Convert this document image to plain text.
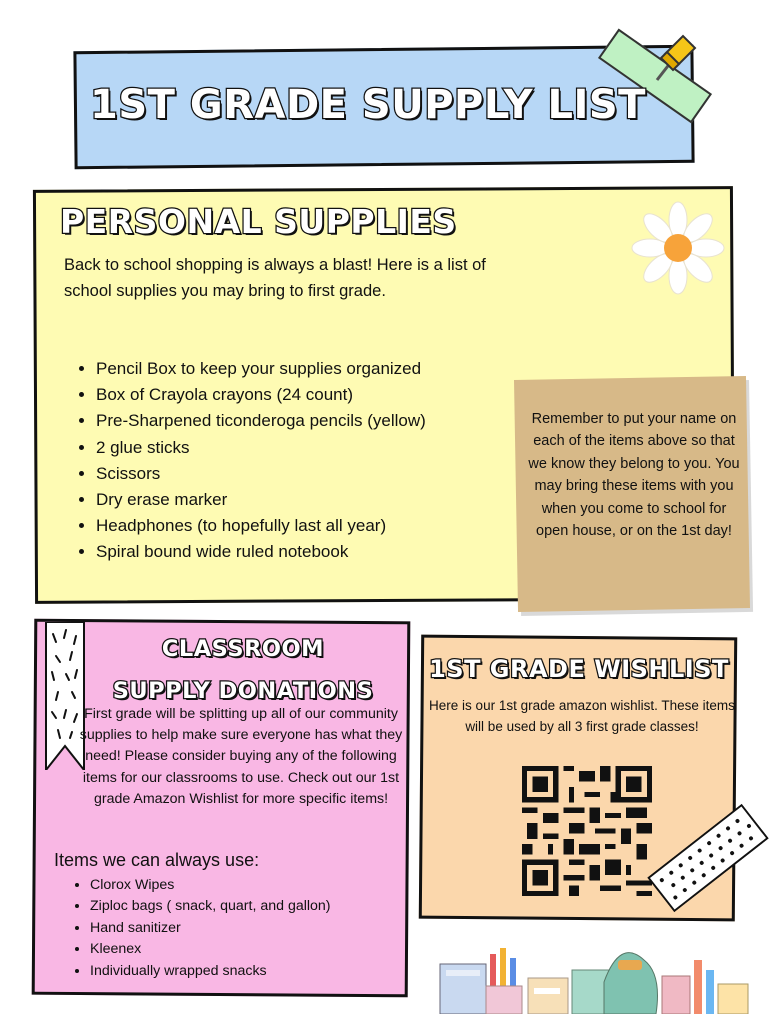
1ST GRADE SUPPLY LIST
PERSONAL SUPPLIES
Back to school shopping is always a blast! Here is a list of school supplies you may bring to first grade.
• Pencil Box to keep your supplies organized
• Box of Crayola crayons (24 count)
• Pre-Sharpened ticonderoga pencils (yellow)
• 2 glue sticks
• Scissors
• Dry erase marker
• Headphones (to hopefully last all year)
• Spiral bound wide ruled notebook
Remember to put your name on each of the items above so that we know they belong to you. You may bring these items with you when you come to school for open house, or on the 1st day!
CLASSROOM
SUPPLY DONATIONS
First grade will be splitting up all of our community supplies to help make sure everyone has what they need! Please consider buying any of the following items for our classrooms to use. Check out our 1st grade Amazon Wishlist for more specific items!
Items we can always use:
• Clorox Wipes
• Ziploc bags ( snack, quart, and gallon)
• Hand sanitizer
• Kleenex
• Individually wrapped snacks
1ST GRADE WISHLIST
Here is our 1st grade amazon wishlist. These items will be used by all 3 first grade classes!
